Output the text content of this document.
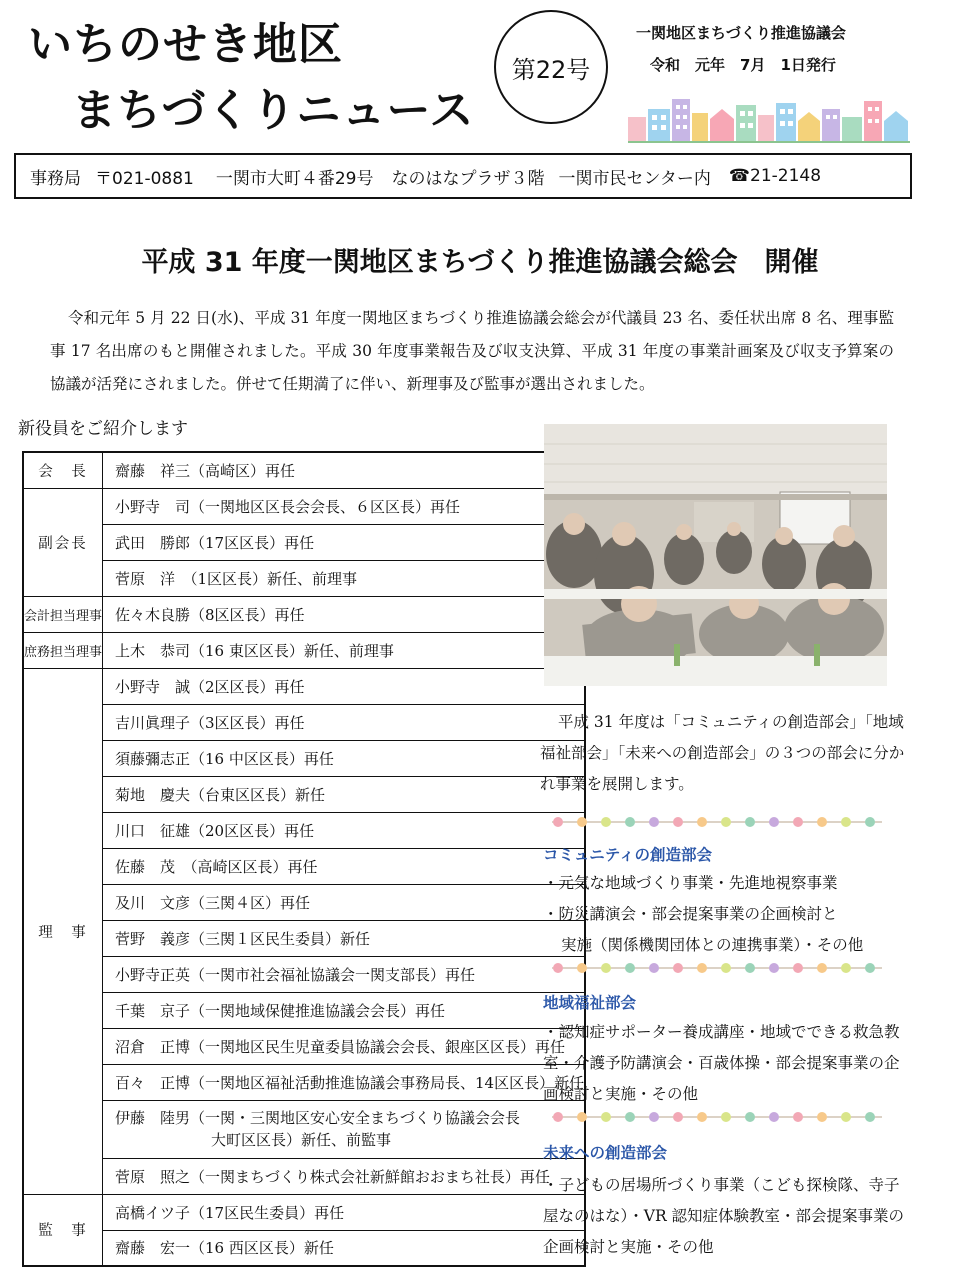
いちのせき地区
まちづくりニュース
第22号
一関地区まちづくり推進協議会
令和　元年　7月　1日発行
事務局 〒021-0881 一関市大町４番29号 なのはなプラザ３階 一関市民センター内 ☎21-2148
平成 31 年度一関地区まちづくり推進協議会総会　開催

令和元年 5 月 22 日(水)、平成 31 年度一関地区まちづくり推進協議会総会が代議員 23 名、委任状出席 8 名、理事監事 17 名出席のもと開催されました。平成 30 年度事業報告及び収支決算、平成 31 年度の事業計画案及び収支予算案の協議が活発にされました。併せて任期満了に伴い、新理事及び監事が選出されました。

新役員をご紹介します
会　長	齋藤　祥三（高崎区）再任
副会長	小野寺　司（一関地区区長会会長、６区区長）再任
	武田　勝郎（17区区長）再任
	菅原　洋　（1区区長）新任、前理事
会計担当理事	佐々木良勝（8区区長）再任
庶務担当理事	上木　恭司（16 東区区長）新任、前理事
理　事	小野寺　誠（2区区長）再任
	吉川眞理子（3区区長）再任
	須藤彌志正（16 中区区長）再任
	菊地　慶夫（台東区区長）新任
	川口　征雄（20区区長）再任
	佐藤　茂　（高崎区区長）再任
	及川　文彦（三関４区）再任
	菅野　義彦（三関１区民生委員）新任
	小野寺正英（一関市社会福祉協議会一関支部長）再任
	千葉　京子（一関地域保健推進協議会会長）再任
	沼倉　正博（一関地区民生児童委員協議会会長、銀座区区長）再任
	百々　正博（一関地区福祉活動推進協議会事務局長、14区区長）新任
	伊藤　陸男（一関・三関地区安心安全まちづくり協議会会長
大町区区長）新任、前監事

	菅原　照之（一関まちづくり株式会社新鮮館おおまち社長）再任
監　事	高橋イツ子（17区民生委員）再任
	齋藤　宏一（16 西区区長）新任

平成 31 年度は「コミュニティの創造部会」「地域福祉部会」「未来への創造部会」の３つの部会に分かれ事業を展開します。

コミュニティの創造部会

・元気な地域づくり事業・先進地視察事業

・防災講演会・部会提案事業の企画検討と

実施（関係機関団体との連携事業）・その他

地域福祉部会

・認知症サポーター養成講座・地域でできる救急教室・介護予防講演会・百歳体操・部会提案事業の企画検討と実施・その他

未来への創造部会

・子どもの居場所づくり事業（こども探検隊、寺子屋なのはな）・VR 認知症体験教室・部会提案事業の企画検討と実施・その他
